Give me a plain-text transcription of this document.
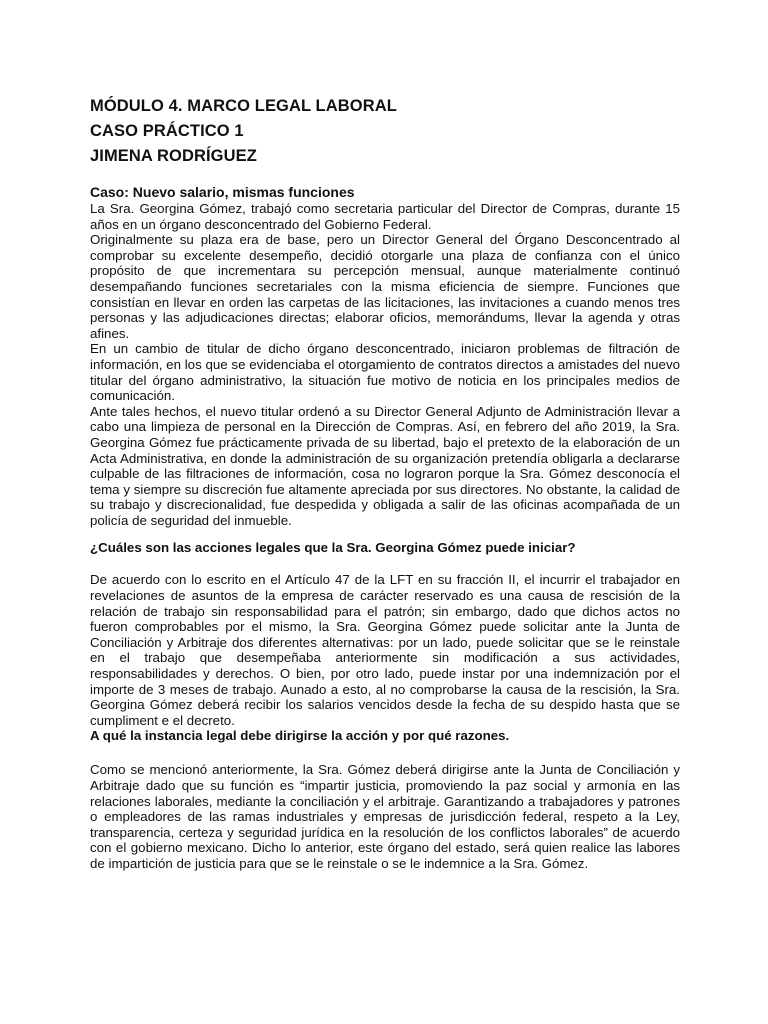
MÓDULO 4. MARCO LEGAL LABORAL

CASO PRÁCTICO 1

JIMENA RODRÍGUEZ

Caso: Nuevo salario, mismas funciones

La Sra. Georgina Gómez, trabajó como secretaria particular del Director de Compras, durante 15 años en un órgano desconcentrado del Gobierno Federal.

Originalmente su plaza era de base, pero un Director General del Órgano Desconcentrado al comprobar su excelente desempeño, decidió otorgarle una plaza de confianza con el único propósito de que incrementara su percepción mensual, aunque materialmente continuó desempañando funciones secretariales con la misma eficiencia de siempre. Funciones que consistían en llevar en orden las carpetas de las licitaciones, las invitaciones a cuando menos tres personas y las adjudicaciones directas; elaborar oficios, memorándums, llevar la agenda y otras afines.

En un cambio de titular de dicho órgano desconcentrado, iniciaron problemas de filtración de información, en los que se evidenciaba el otorgamiento de contratos directos a amistades del nuevo titular del órgano administrativo, la situación fue motivo de noticia en los principales medios de comunicación.

Ante tales hechos, el nuevo titular ordenó a su Director General Adjunto de Administración llevar a cabo una limpieza de personal en la Dirección de Compras. Así, en febrero del año 2019, la Sra. Georgina Gómez fue prácticamente privada de su libertad, bajo el pretexto de la elaboración de un Acta Administrativa, en donde la administración de su organización pretendía obligarla a declararse culpable de las filtraciones de información, cosa no lograron porque la Sra. Gómez desconocía el tema y siempre su discreción fue altamente apreciada por sus directores. No obstante, la calidad de su trabajo y discrecionalidad, fue despedida y obligada a salir de las oficinas acompañada de un policía de seguridad del inmueble.

¿Cuáles son las acciones legales que la Sra. Georgina Gómez puede iniciar?

De acuerdo con lo escrito en el Artículo 47 de la LFT en su fracción II, el incurrir el trabajador en revelaciones de asuntos de la empresa de carácter reservado es una causa de rescisión de la relación de trabajo sin responsabilidad para el patrón; sin embargo, dado que dichos actos no fueron comprobables por el mismo, la Sra. Georgina Gómez puede solicitar ante la Junta de Conciliación y Arbitraje dos diferentes alternativas: por un lado, puede solicitar que se le reinstale en el trabajo que desempeñaba anteriormente sin modificación a sus actividades, responsabilidades y derechos. O bien, por otro lado, puede instar por una indemnización por el importe de 3 meses de trabajo. Aunado a esto, al no comprobarse la causa de la rescisión, la Sra. Georgina Gómez deberá recibir los salarios vencidos desde la fecha de su despido hasta que se cumpliment e el decreto.

A qué la instancia legal debe dirigirse la acción y por qué razones.

Como se mencionó anteriormente, la Sra. Gómez deberá dirigirse ante la Junta de Conciliación y Arbitraje dado que su función es “impartir justicia, promoviendo la paz social y armonía en las relaciones laborales, mediante la conciliación y el arbitraje. Garantizando a trabajadores y patrones o empleadores de las ramas industriales y empresas de jurisdicción federal, respeto a la Ley, transparencia, certeza y seguridad jurídica en la resolución de los conflictos laborales” de acuerdo con el gobierno mexicano. Dicho lo anterior, este órgano del estado, será quien realice las labores de impartición de justicia para que se le reinstale o se le indemnice a la Sra. Gómez.
